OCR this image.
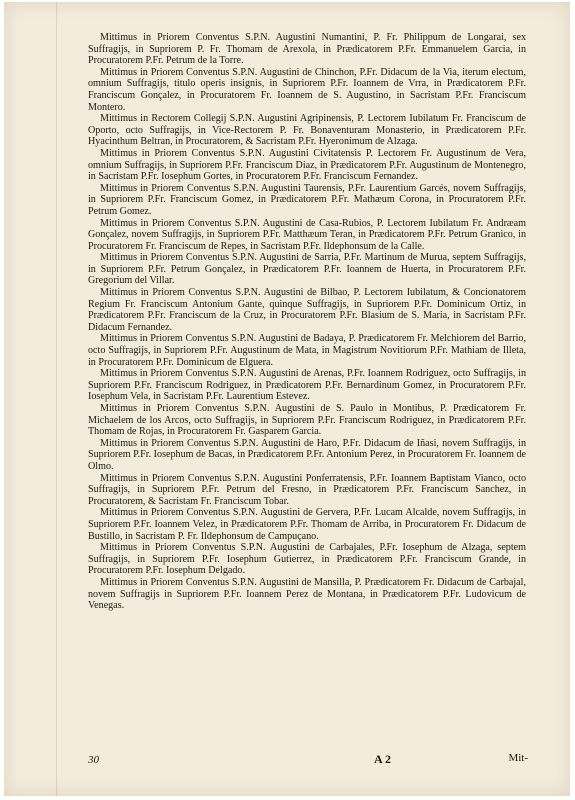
Mittimus in Priorem Conventus S.P.N. Augustini Numantini, P. Fr. Philippum de Longarai, sex Suffragijs, in Supriorem P. Fr. Thomam de Arexola, in Prædicatorem P.Fr. Emmanuelem Garcia, in Procuratorem P.Fr. Petrum de la Torre.

Mittimus in Priorem Conventus S.P.N. Augustini de Chinchon, P.Fr. Didacum de la Via, iterum electum, omnium Suffragijs, titulo operis insignis, in Supriorem P.Fr. Ioannem de Vrra, in Prædicatorem P.Fr. Franciscum Gonçalez, in Procuratorem Fr. Ioannem de S. Augustino, in Sacristam P.Fr. Franciscum Montero.

Mittimus in Rectorem Collegij S.P.N. Augustini Agripinensis, P. Lectorem Iubilatum Fr. Franciscum de Oporto, octo Suffragijs, in Vice-Rectorem P. Fr. Bonaventuram Monasterio, in Prædicatorem P.Fr. Hyacinthum Beltran, in Procuratorem, & Sacristam P.Fr. Hyeronimum de Alzaga.

Mittimus in Priorem Conventus S.P.N. Augustini Civitatensis P. Lectorem Fr. Augustinum de Vera, omnium Suffragijs, in Supriorem P.Fr. Franciscum Diaz, in Prædicatorem P.Fr. Augustinum de Montenegro, in Sacristam P.Fr. Iosephum Gortes, in Procuratorem P.Fr. Franciscum Fernandez.

Mittimus in Priorem Conventus S.P.N. Augustini Taurensis, P.Fr. Laurentium Garcés, novem Suffragijs, in Supriorem P.Fr. Franciscum Gomez, in Prædicatorem P.Fr. Mathæum Corona, in Procuratorem P.Fr. Petrum Gomez.

Mittimus in Priorem Conventus S.P.N. Augustini de Casa-Rubios, P. Lectorem Iubilatum Fr. Andræam Gonçalez, novem Suffragijs, in Supriorem P.Fr. Matthæum Teran, in Prædicatorem P.Fr. Petrum Granico, in Procuratorem Fr. Franciscum de Repes, in Sacristam P.Fr. Ildephonsum de la Calle.

Mittimus in Priorem Conventus S.P.N. Augustini de Sarria, P.Fr. Martinum de Murua, septem Suffragijs, in Supriorem P.Fr. Petrum Gonçalez, in Prædicatorem P.Fr. Ioannem de Huerta, in Procuratorem P.Fr. Gregorium del Villar.

Mittimus in Priorem Conventus S.P.N. Augustini de Bilbao, P. Lectorem Iubilatum, & Concionatorem Regium Fr. Franciscum Antonium Gante, quinque Suffragijs, in Supriorem P.Fr. Dominicum Ortiz, in Prædicatorem P.Fr. Franciscum de la Cruz, in Procuratorem P.Fr. Blasium de S. Maria, in Sacristam P.Fr. Didacum Fernandez.

Mittimus in Priorem Conventus S.P.N. Augustini de Badaya, P. Prædicatorem Fr. Melchiorem del Barrio, octo Suffragijs, in Supriorem P.Fr. Augustinum de Mata, in Magistrum Novitiorum P.Fr. Mathiam de Illeta, in Procuratorem P.Fr. Dominicum de Elguera.

Mittimus in Priorem Conventus S.P.N. Augustini de Arenas, P.Fr. Ioannem Rodriguez, octo Suffragijs, in Supriorem P.Fr. Franciscum Rodriguez, in Prædicatorem P.Fr. Bernardinum Gomez, in Procuratorem P.Fr. Iosephum Vela, in Sacristam P.Fr. Laurentium Estevez.

Mittimus in Priorem Conventus S.P.N. Augustini de S. Paulo in Montibus, P. Prædicatorem Fr. Michaelem de los Arcos, octo Suffragijs, in Supriorem P.Fr. Franciscum Rodriguez, in Prædicatorem P.Fr. Thomam de Rojas, in Procuratorem Fr. Gasparem Garcia.

Mittimus in Priorem Conventus S.P.N. Augustini de Haro, P.Fr. Didacum de Iñasi, novem Suffragijs, in Supriorem P.Fr. Iosephum de Bacas, in Prædicatorem P.Fr. Antonium Perez, in Procuratorem Fr. Ioannem de Olmo.

Mittimus in Priorem Conventus S.P.N. Augustini Ponferratensis, P.Fr. Ioannem Baptistam Vianco, octo Suffragijs, in Supriorem P.Fr. Petrum del Fresno, in Prædicatorem P.Fr. Franciscum Sanchez, in Procuratorem, & Sacristam Fr. Franciscum Tobar.

Mittimus in Priorem Conventus S.P.N. Augustini de Gervera, P.Fr. Lucam Alcalde, novem Suffragijs, in Supriorem P.Fr. Ioannem Velez, in Prædicatorem P.Fr. Thomam de Arriba, in Procuratorem Fr. Didacum de Bustillo, in Sacristam P. Fr. Ildephonsum de Campuçano.

Mittimus in Priorem Conventus S.P.N. Augustini de Carbajales, P.Fr. Iosephum de Alzaga, septem Suffragijs, in Supriorem P.Fr. Iosephum Gutierrez, in Prædicatorem P.Fr. Franciscum Grande, in Procuratorem P.Fr. Iosephum Delgado.

Mittimus in Priorem Conventus S.P.N. Augustini de Mansilla, P. Prædicatorem Fr. Didacum de Carbajal, novem Suffragijs in Supriorem P.Fr. Ioannem Perez de Montana, in Prædicatorem P.Fr. Ludovicum de Venegas.

30	A 2	Mit-
